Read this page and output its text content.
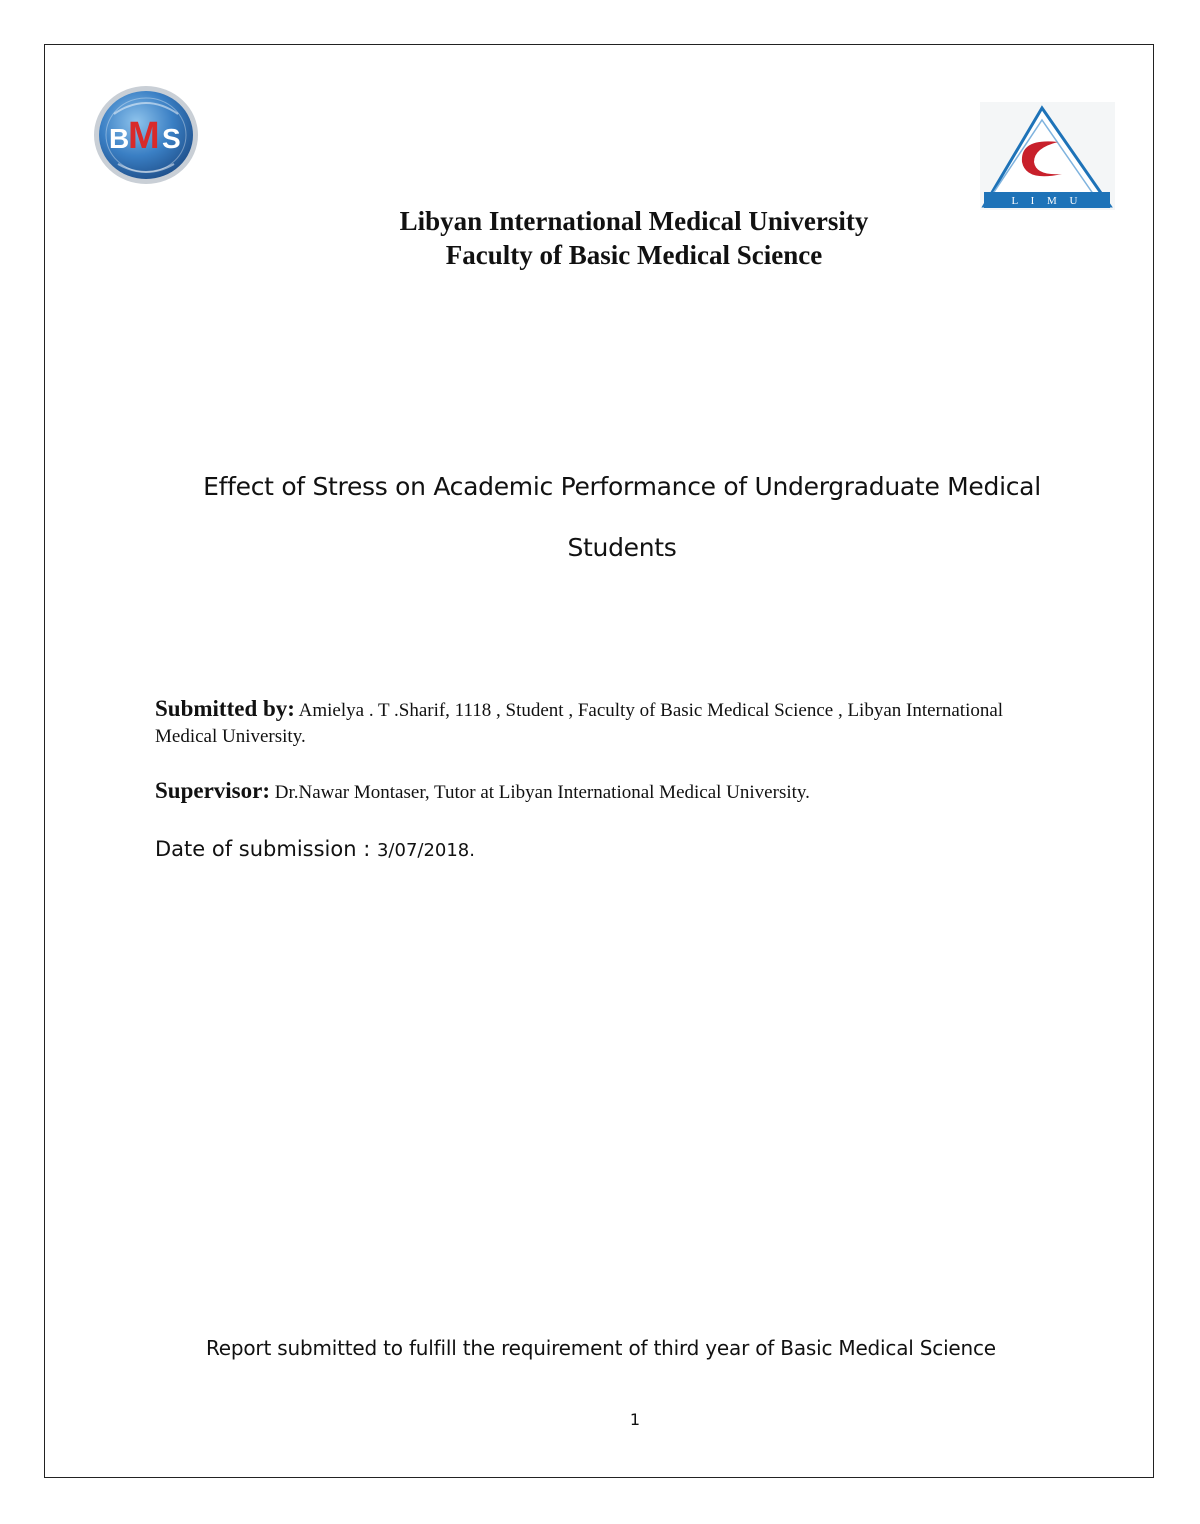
B
M S
L I M U
Libyan International Medical University
Faculty of Basic Medical Science
Effect of Stress on Academic Performance of Undergraduate Medical
Students
Submitted by: Amielya . T .Sharif, 1118 , Student , Faculty of Basic Medical Science , Libyan International Medical University.
Supervisor: Dr.Nawar Montaser, Tutor at Libyan International Medical University.
Date of submission : 3/07/2018.
Report submitted to fulfill the requirement of third year of Basic Medical Science
1
